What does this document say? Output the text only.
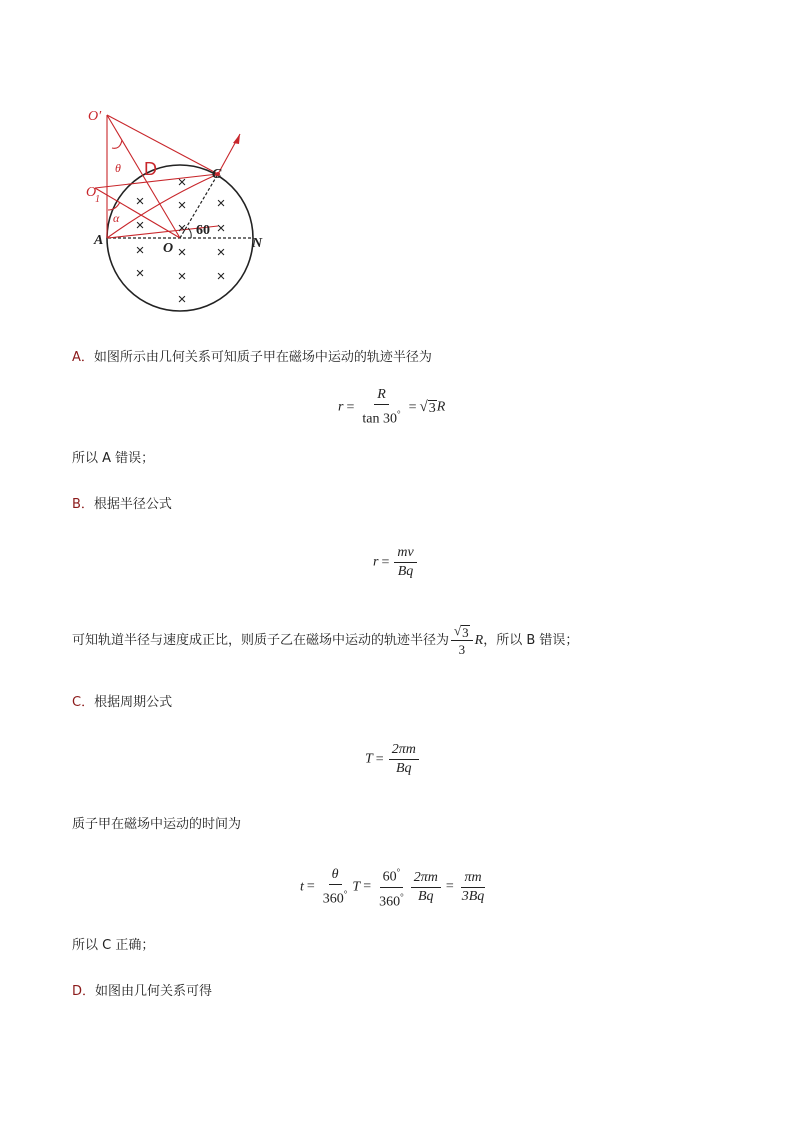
×
× × ×
× × ×
× × ×
× × ×
×
O′
θ D	C
O
1
α
A
O
60
N
A．如图所示由几何关系可知质子甲在磁场中运动的轨迹半径为
$r = \frac{R}{\tan 30^\circ}$ = √ 3 R
所以 A 错误；
B．根据半径公式
$r = \frac{mv}{Bq}$
可知轨道半径与速度成正比，则质子乙在磁场中运动的轨迹半径为 $\frac{√ 3}{3}$ R ，所以 B 错误；
C．根据周期公式
$T = \frac{2\pi m}{Bq}$
质子甲在磁场中运动的时间为
$t = \frac{\theta}{360^\circ}$ $T = \frac{60^\circ}{360^\circ} \frac{2\pi m}{Bq} = \frac{\pi m}{3Bq}$
所以 C 正确；
D．如图由几何关系可得
